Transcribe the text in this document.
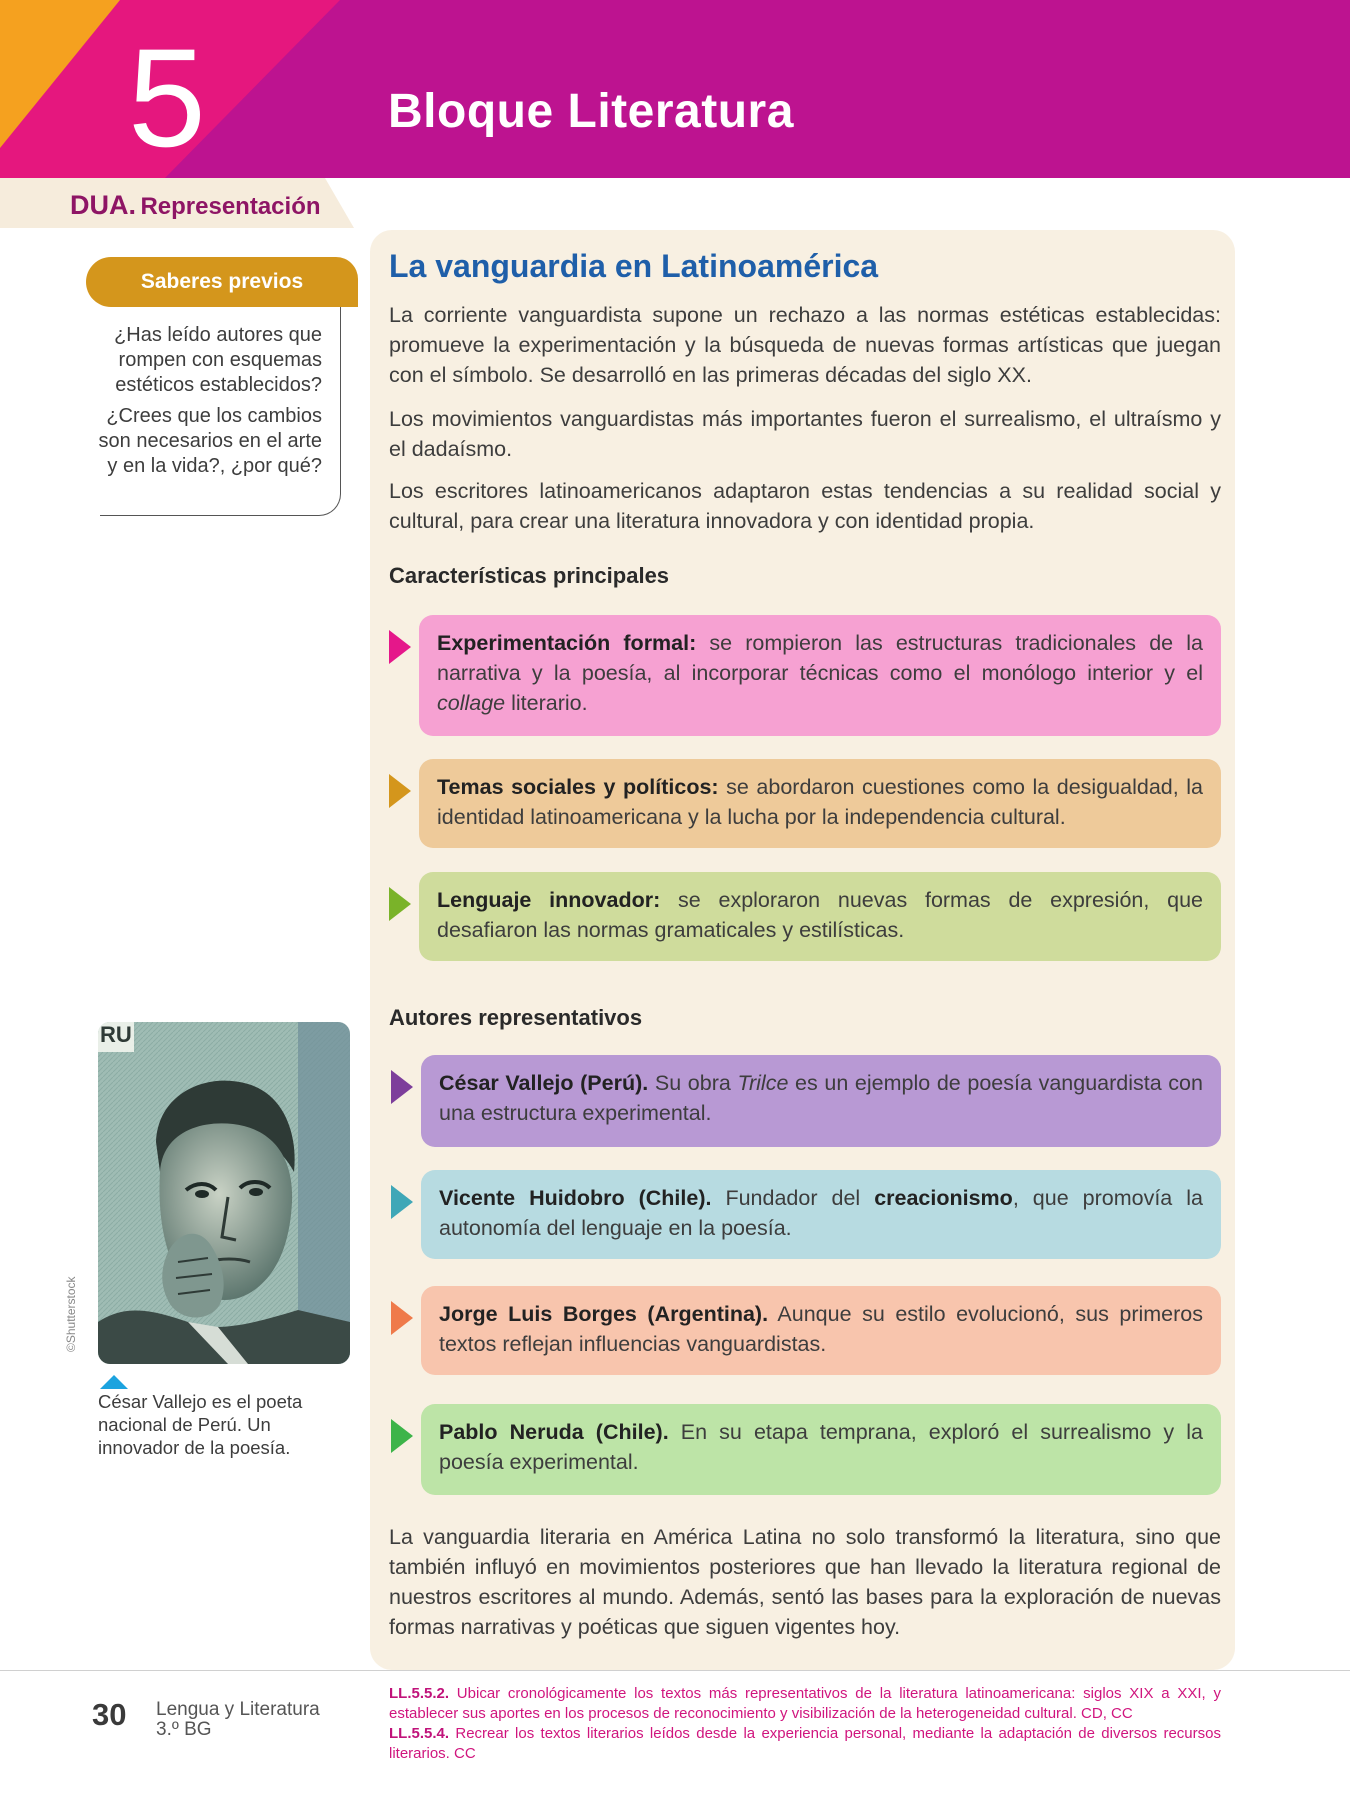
5	Bloque Literatura
DUA. Representación
Saberes previos
¿Has leído autores que rompen con esquemas estéticos establecidos?
¿Crees que los cambios son necesarios en el arte y en la vida?, ¿por qué?
La vanguardia en Latinoamérica
La corriente vanguardista supone un rechazo a las normas estéticas establecidas: promueve la experimentación y la búsqueda de nuevas formas artísticas que juegan con el símbolo. Se desarrolló en las primeras décadas del siglo XX.
Los movimientos vanguardistas más importantes fueron el surrealismo, el ultraísmo y el dadaísmo.
Los escritores latinoamericanos adaptaron estas tendencias a su realidad social y cultural, para crear una literatura innovadora y con identidad propia.
Características principales
Experimentación formal: se rompieron las estructuras tradicionales de la narrativa y la poesía, al incorporar técnicas como el monólogo interior y el collage literario.
Temas sociales y políticos: se abordaron cuestiones como la desigualdad, la identidad latinoamericana y la lucha por la independencia cultural.
Lenguaje innovador: se exploraron nuevas formas de expresión, que desafiaron las normas gramaticales y estilísticas.
Autores representativos
César Vallejo (Perú). Su obra Trilce es un ejemplo de poesía vanguardista con una estructura experimental.
Vicente Huidobro (Chile). Fundador del creacionismo, que promovía la autonomía del lenguaje en la poesía.
Jorge Luis Borges (Argentina). Aunque su estilo evolucionó, sus primeros textos reflejan influencias vanguardistas.
Pablo Neruda (Chile). En su etapa temprana, exploró el surrealismo y la poesía experimental.
La vanguardia literaria en América Latina no solo transformó la literatura, sino que también influyó en movimientos posteriores que han llevado la literatura regional de nuestros escritores al mundo. Además, sentó las bases para la exploración de nuevas formas narrativas y poéticas que siguen vigentes hoy.
RU
©Shutterstock
César Vallejo es el poeta nacional de Perú. Un innovador de la poesía.
30 Lengua y Literatura
3.º BG
LL.5.5.2. Ubicar cronológicamente los textos más representativos de la literatura latinoamericana: siglos XIX a XXI, y establecer sus aportes en los procesos de reconocimiento y visibilización de la heterogeneidad cultural. CD, CC
LL.5.5.4. Recrear los textos literarios leídos desde la experiencia personal, mediante la adaptación de diversos recursos literarios. CC
